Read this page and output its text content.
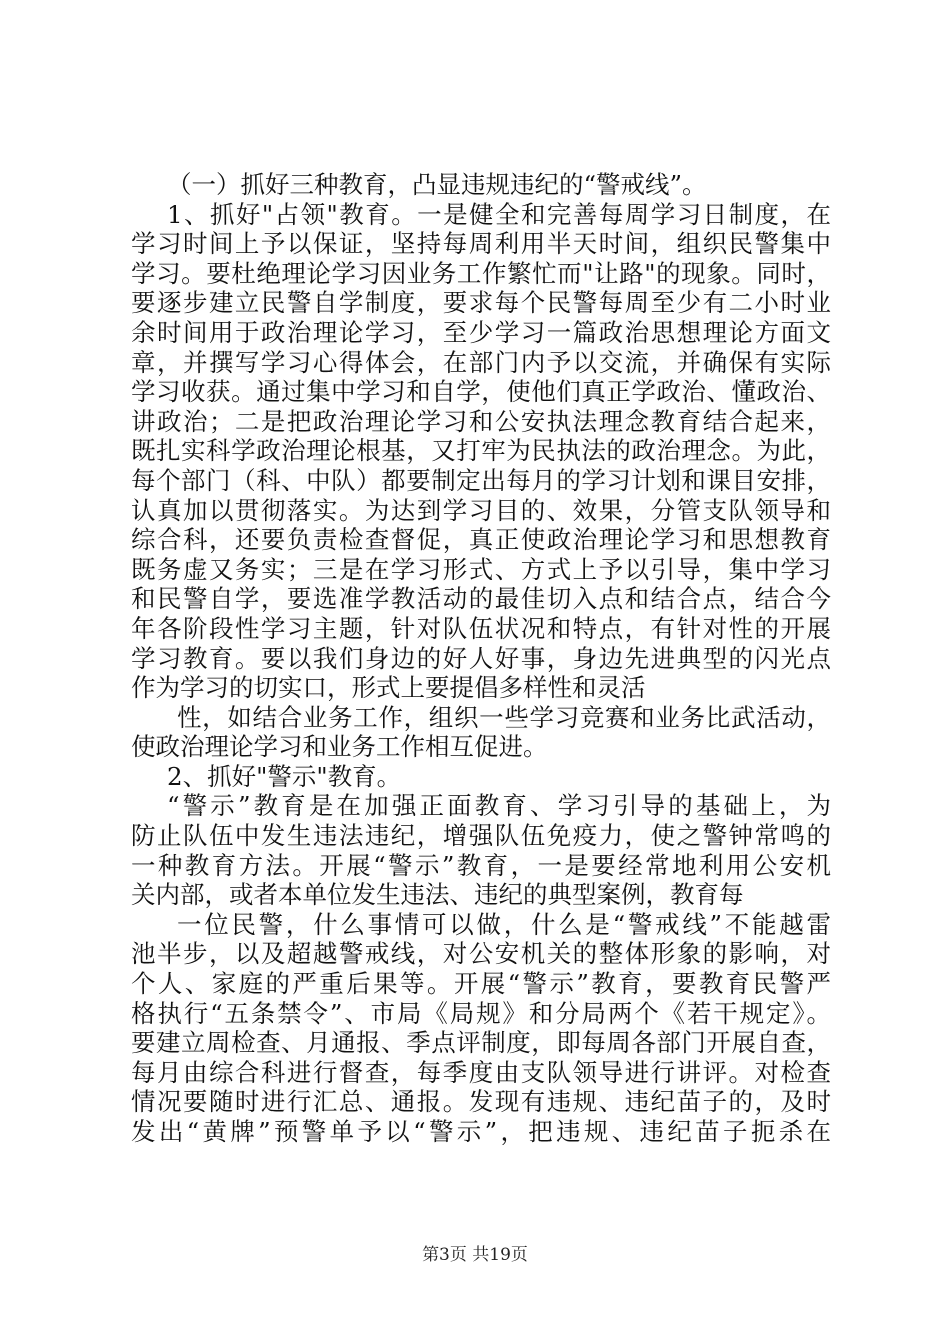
（一）抓好三种教育，凸显违规违纪的“警戒线”。
1、抓好"占领"教育。一是健全和完善每周学习日制度，在
学习时间上予以保证，坚持每周利用半天时间，组织民警集中
学习。要杜绝理论学习因业务工作繁忙而"让路"的现象。同时，
要逐步建立民警自学制度，要求每个民警每周至少有二小时业
余时间用于政治理论学习，至少学习一篇政治思想理论方面文
章，并撰写学习心得体会，在部门内予以交流，并确保有实际
学习收获。通过集中学习和自学，使他们真正学政治、懂政治、
讲政治；二是把政治理论学习和公安执法理念教育结合起来，
既扎实科学政治理论根基，又打牢为民执法的政治理念。为此，
每个部门（科、中队）都要制定出每月的学习计划和课目安排，
认真加以贯彻落实。为达到学习目的、效果，分管支队领导和
综合科，还要负责检查督促，真正使政治理论学习和思想教育
既务虚又务实；三是在学习形式、方式上予以引导，集中学习
和民警自学，要选准学教活动的最佳切入点和结合点，结合今
年各阶段性学习主题，针对队伍状况和特点，有针对性的开展
学习教育。要以我们身边的好人好事，身边先进典型的闪光点
作为学习的切实口，形式上要提倡多样性和灵活
性，如结合业务工作，组织一些学习竞赛和业务比武活动，
使政治理论学习和业务工作相互促进。
2、抓好"警示"教育。
“警示”教育是在加强正面教育、学习引导的基础上，为
防止队伍中发生违法违纪，增强队伍免疫力，使之警钟常鸣的
一种教育方法。开展“警示”教育，一是要经常地利用公安机
关内部，或者本单位发生违法、违纪的典型案例，教育每
一位民警，什么事情可以做，什么是“警戒线”不能越雷
池半步，以及超越警戒线，对公安机关的整体形象的影响，对
个人、家庭的严重后果等。开展“警示”教育，要教育民警严
格执行“五条禁令”、市局《局规》和分局两个《若干规定》。
要建立周检查、月通报、季点评制度，即每周各部门开展自查，
每月由综合科进行督查，每季度由支队领导进行讲评。对检查
情况要随时进行汇总、通报。发现有违规、违纪苗子的，及时
发出“黄牌”预警单予以“警示”，把违规、违纪苗子扼杀在
第3页 共19页
